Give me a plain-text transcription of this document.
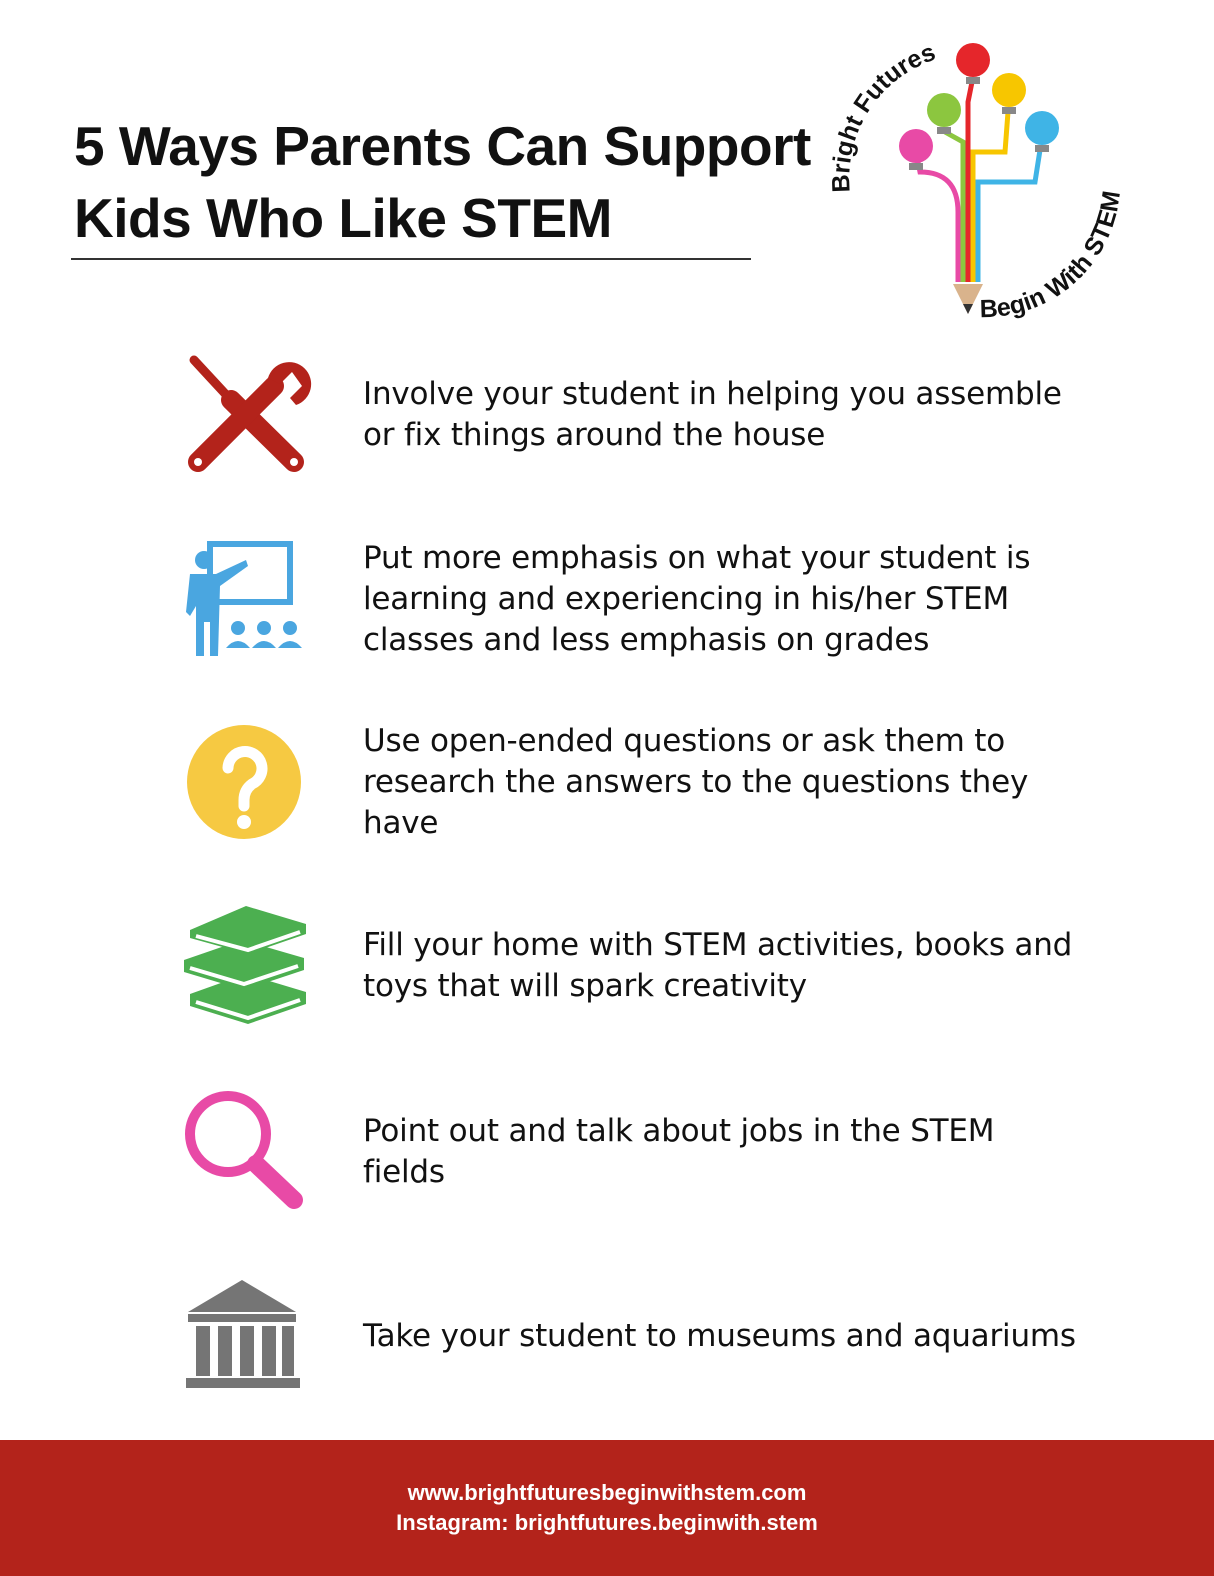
5 Ways Parents Can Support
Kids Who Like STEM
Bright Futures
Begin With STEM
Involve your student in helping you assemble
or fix things around the house
Put more emphasis on what your student is
learning and experiencing in his/her STEM
classes and less emphasis on grades
Use open-ended questions or ask them to
research the answers to the questions they
have
Fill your home with STEM activities, books and
toys that will spark creativity
Point out and talk about jobs in the STEM
fields
Take your student to museums and aquariums
www.brightfuturesbeginwithstem.com
Instagram: brightfutures.beginwith.stem
